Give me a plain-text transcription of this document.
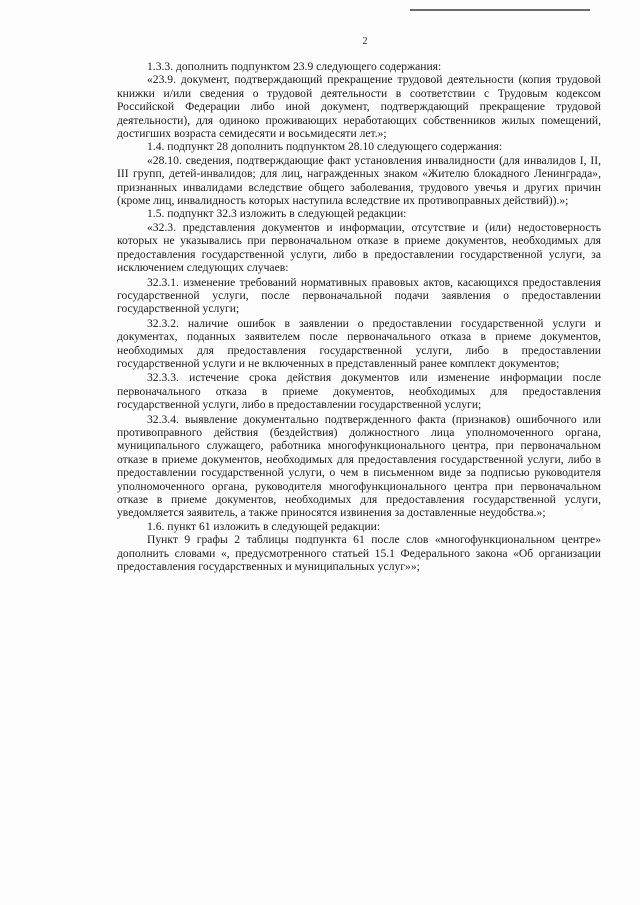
2

1.3.3. дополнить подпунктом 23.9 следующего содержания:

«23.9. документ, подтверждающий прекращение трудовой деятельности (копия трудовой книжки и/или сведения о трудовой деятельности в соответствии с Трудовым кодексом Российской Федерации либо иной документ, подтверждающий прекращение трудовой деятельности), для одиноко проживающих неработающих собственников жилых помещений, достигших возраста семидесяти и восьмидесяти лет.»;

1.4. подпункт 28 дополнить подпунктом 28.10 следующего содержания:

«28.10. сведения, подтверждающие факт установления инвалидности (для инвалидов I, II, III групп, детей-инвалидов; для лиц, награжденных знаком «Жителю блокадного Ленинграда», признанных инвалидами вследствие общего заболевания, трудового увечья и других причин (кроме лиц, инвалидность которых наступила вследствие их противоправных действий)).»;

1.5. подпункт 32.3 изложить в следующей редакции:

«32.3. представления документов и информации, отсутствие и (или) недостоверность которых не указывались при первоначальном отказе в приеме документов, необходимых для предоставления государственной услуги, либо в предоставлении государственной услуги, за исключением следующих случаев:

32.3.1. изменение требований нормативных правовых актов, касающихся предоставления государственной услуги, после первоначальной подачи заявления о предоставлении государственной услуги;

32.3.2. наличие ошибок в заявлении о предоставлении государственной услуги и документах, поданных заявителем после первоначального отказа в приеме документов, необходимых для предоставления государственной услуги, либо в предоставлении государственной услуги и не включенных в представленный ранее комплект документов;

32.3.3. истечение срока действия документов или изменение информации после первоначального отказа в приеме документов, необходимых для предоставления государственной услуги, либо в предоставлении государственной услуги;

32.3.4. выявление документально подтвержденного факта (признаков) ошибочного или противоправного действия (бездействия) должностного лица уполномоченного органа, муниципального служащего, работника многофункционального центра, при первоначальном отказе в приеме документов, необходимых для предоставления государственной услуги, либо в предоставлении государственной услуги, о чем в письменном виде за подписью руководителя уполномоченного органа, руководителя многофункционального центра при первоначальном отказе в приеме документов, необходимых для предоставления государственной услуги, уведомляется заявитель, а также приносятся извинения за доставленные неудобства.»;

1.6. пункт 61 изложить в следующей редакции:

Пункт 9 графы 2 таблицы подпункта 61 после слов «многофункциональном центре» дополнить словами «, предусмотренного статьей 15.1 Федерального закона «Об организации предоставления государственных и муниципальных услуг»»;
